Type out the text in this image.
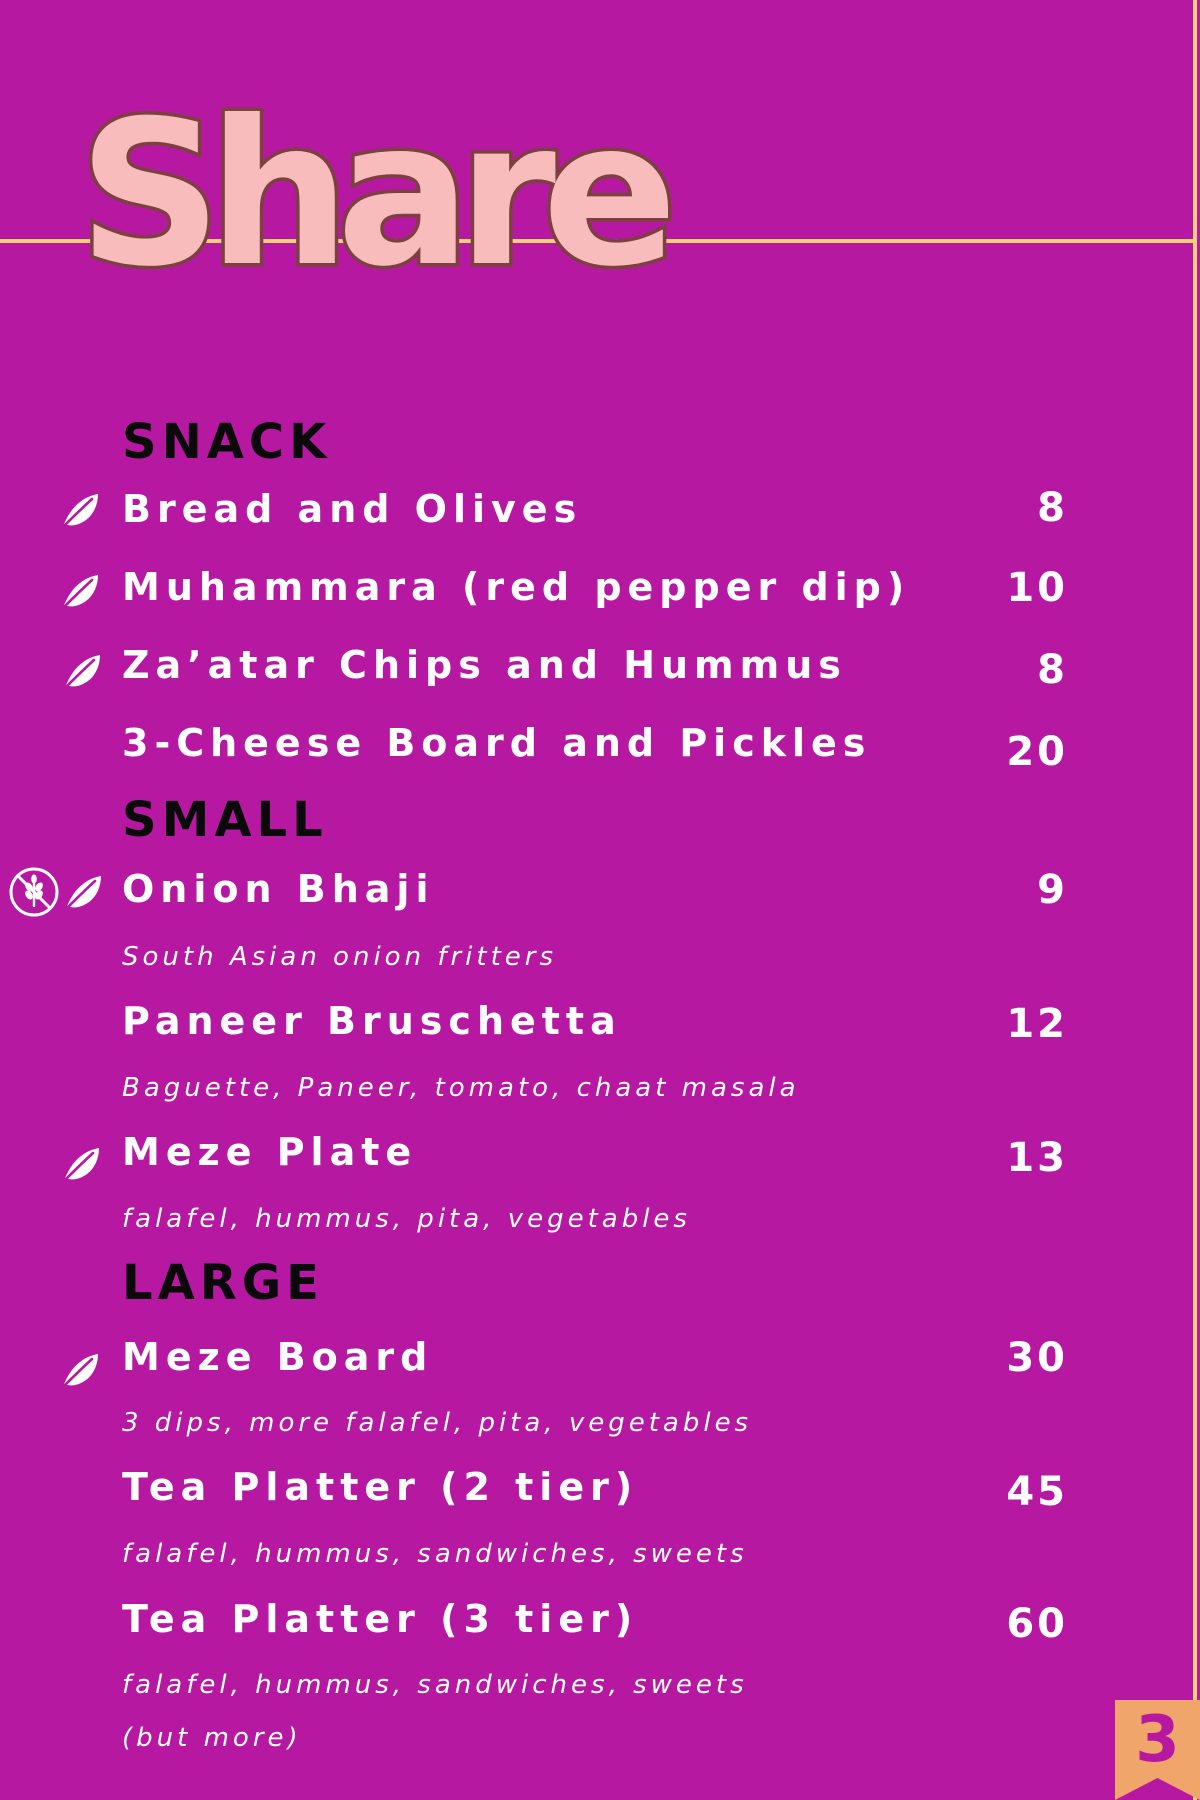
Share
SNACK
Bread and Olives	8
Muhammara (red pepper dip) 10
Za’atar Chips and Hummus	8
3-Cheese Board and Pickles	20
SMALL
Onion Bhaji	9
South Asian onion fritters
Paneer Bruschetta	12
Baguette, Paneer, tomato, chaat masala
Meze Plate	13
falafel, hummus, pita, vegetables
LARGE
Meze Board	30
3 dips, more falafel, pita, vegetables
Tea Platter (2 tier)	45
falafel, hummus, sandwiches, sweets
Tea Platter (3 tier)	60
falafel, hummus, sandwiches, sweets
(but more)	3
